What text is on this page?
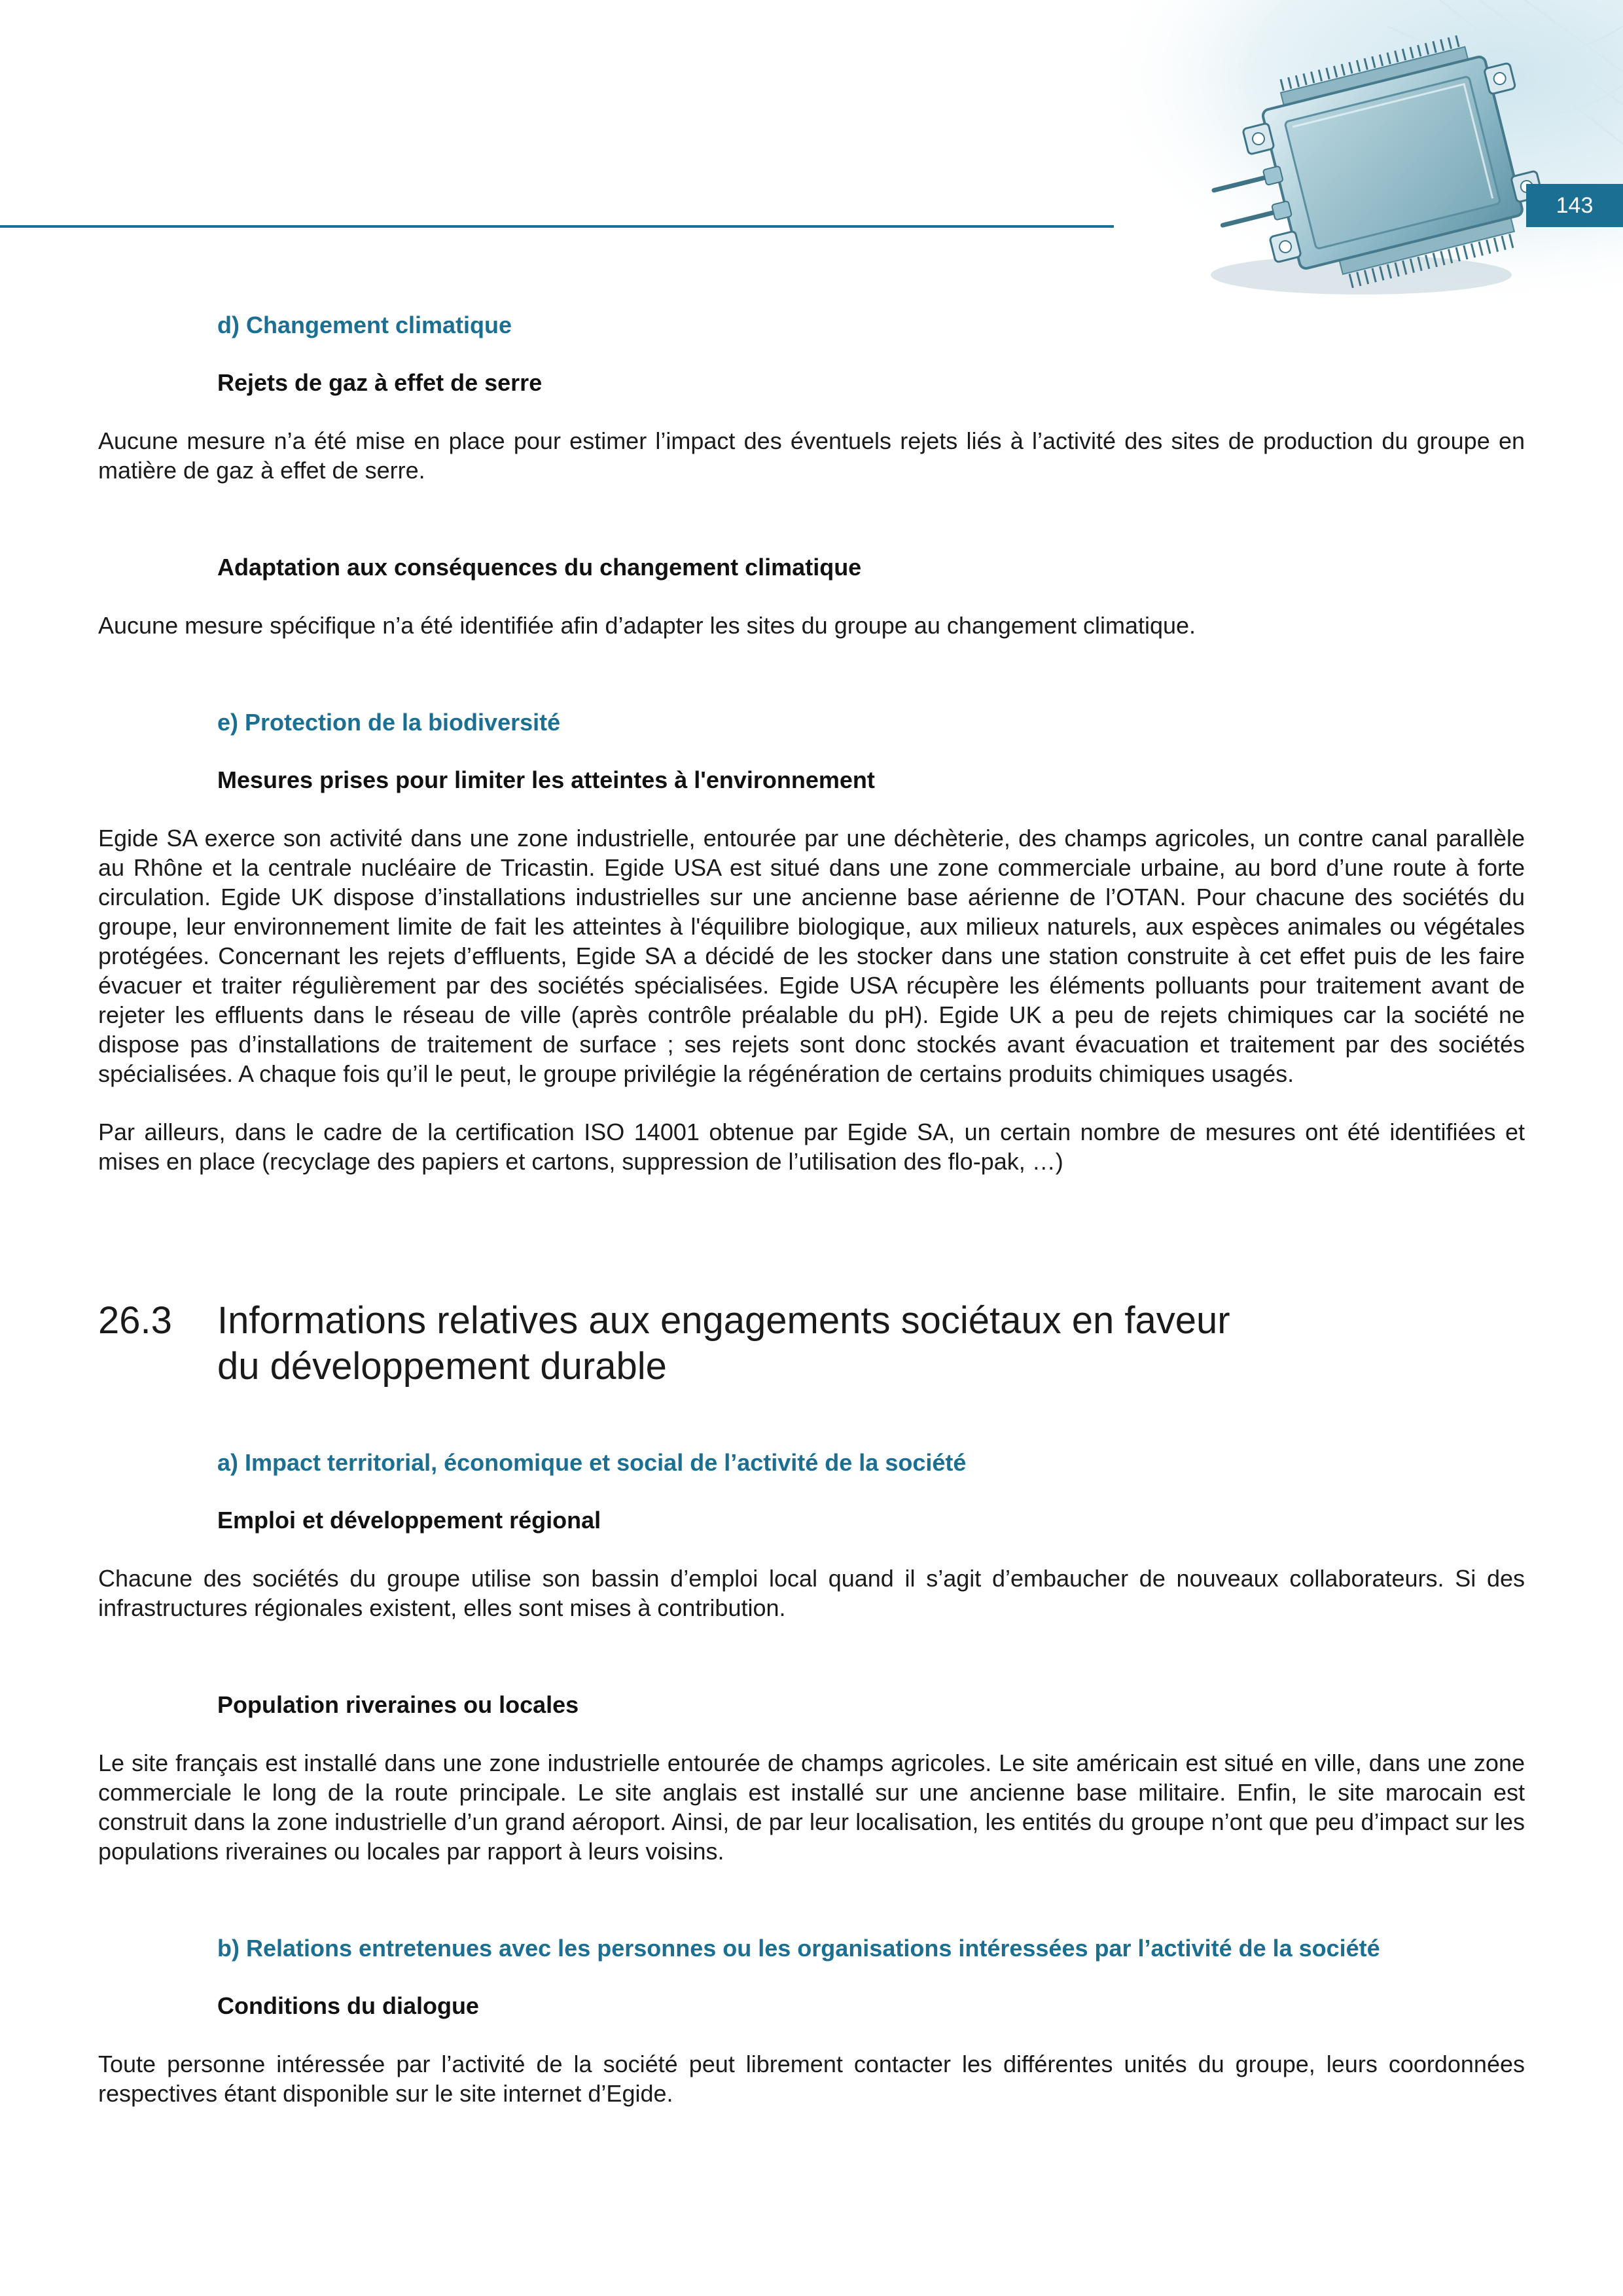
143
d) Changement climatique
Rejets de gaz à effet de serre

Aucune mesure n’a été mise en place pour estimer l’impact des éventuels rejets liés à l’activité des sites de production du groupe en matière de gaz à effet de serre.

Adaptation aux conséquences du changement climatique

Aucune mesure spécifique n’a été identifiée afin d’adapter les sites du groupe au changement climatique.

e) Protection de la biodiversité
Mesures prises pour limiter les atteintes à l'environnement

Egide SA exerce son activité dans une zone industrielle, entourée par une déchèterie, des champs agricoles, un contre canal parallèle au Rhône et la centrale nucléaire de Tricastin. Egide USA est situé dans une zone commerciale urbaine, au bord d’une route à forte circulation. Egide UK dispose d’installations industrielles sur une ancienne base aérienne de l’OTAN. Pour chacune des sociétés du groupe, leur environnement limite de fait les atteintes à l'équilibre biologique, aux milieux naturels, aux espèces animales ou végétales protégées. Concernant les rejets d’effluents, Egide SA a décidé de les stocker dans une station construite à cet effet puis de les faire évacuer et traiter régulièrement par des sociétés spécialisées. Egide USA récupère les éléments polluants pour traitement avant de rejeter les effluents dans le réseau de ville (après contrôle préalable du pH). Egide UK a peu de rejets chimiques car la société ne dispose pas d’installations de traitement de surface ; ses rejets sont donc stockés avant évacuation et traitement par des sociétés spécialisées. A chaque fois qu’il le peut, le groupe privilégie la régénération de certains produits chimiques usagés.

Par ailleurs, dans le cadre de la certification ISO 14001 obtenue par Egide SA, un certain nombre de mesures ont été identifiées et mises en place (recyclage des papiers et cartons, suppression de l’utilisation des flo-pak, …)

26.3	Informations relatives aux engagements sociétaux en faveur
du développement durable
a) Impact territorial, économique et social de l’activité de la société
Emploi et développement régional

Chacune des sociétés du groupe utilise son bassin d’emploi local quand il s’agit d’embaucher de nouveaux collaborateurs. Si des infrastructures régionales existent, elles sont mises à contribution.

Population riveraines ou locales

Le site français est installé dans une zone industrielle entourée de champs agricoles. Le site américain est situé en ville, dans une zone commerciale le long de la route principale. Le site anglais est installé sur une ancienne base militaire. Enfin, le site marocain est construit dans la zone industrielle d’un grand aéroport. Ainsi, de par leur localisation, les entités du groupe n’ont que peu d’impact sur les populations riveraines ou locales par rapport à leurs voisins.

b) Relations entretenues avec les personnes ou les organisations intéressées par l’activité de la société
Conditions du dialogue

Toute personne intéressée par l’activité de la société peut librement contacter les différentes unités du groupe, leurs coordonnées respectives étant disponible sur le site internet d’Egide.
